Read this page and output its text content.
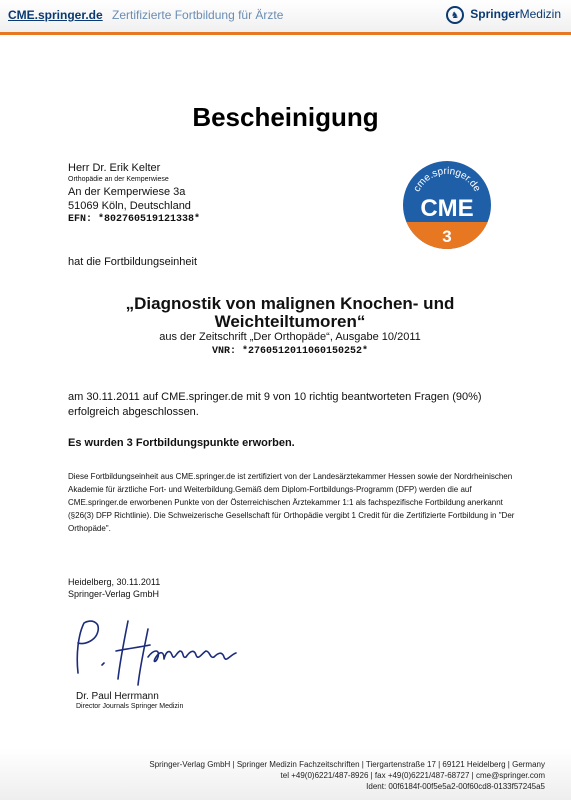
CME.springer.de Zertifizierte Fortbildung für Ärzte	♞ SpringerMedizin
Bescheinigung
Herr Dr. Erik Kelter
Orthopädie an der Kemperwiese
An der Kemperwiese 3a
51069 Köln, Deutschland
EFN: *802760519121338*
cme.springer.de
CME
3
hat die Fortbildungseinheit
„Diagnostik von malignen Knochen- und Weichteiltumoren“
aus der Zeitschrift „Der Orthopäde“, Ausgabe 10/2011
VNR: *2760512011060150252*
am 30.11.2011 auf CME.springer.de mit 9 von 10 richtig beantworteten Fragen (90%) erfolgreich abgeschlossen.
Es wurden 3 Fortbildungspunkte erworben.
Diese Fortbildungseinheit aus CME.springer.de ist zertifiziert von der Landesärztekammer Hessen sowie der Nordrheinischen Akademie für ärztliche Fort- und Weiterbildung.Gemäß dem Diplom-Fortbildungs-Programm (DFP) werden die auf CME.springer.de erworbenen Punkte von der Österreichischen Ärztekammer 1:1 als fachspezifische Fortbildung anerkannt (§26(3) DFP Richtlinie). Die Schweizerische Gesellschaft für Orthopädie vergibt 1 Credit für die Zertifizierte Fortbildung in "Der Orthopäde".
Heidelberg, 30.11.2011
Springer-Verlag GmbH
Dr. Paul Herrmann
Director Journals Springer Medizin
Springer-Verlag GmbH | Springer Medizin Fachzeitschriften | Tiergartenstraße 17 | 69121 Heidelberg | Germany
tel +49(0)6221/487-8926 | fax +49(0)6221/487-68727 | cme@springer.com
Ident: 00f6184f-00f5e5a2-00f60cd8-0133f57245a5
